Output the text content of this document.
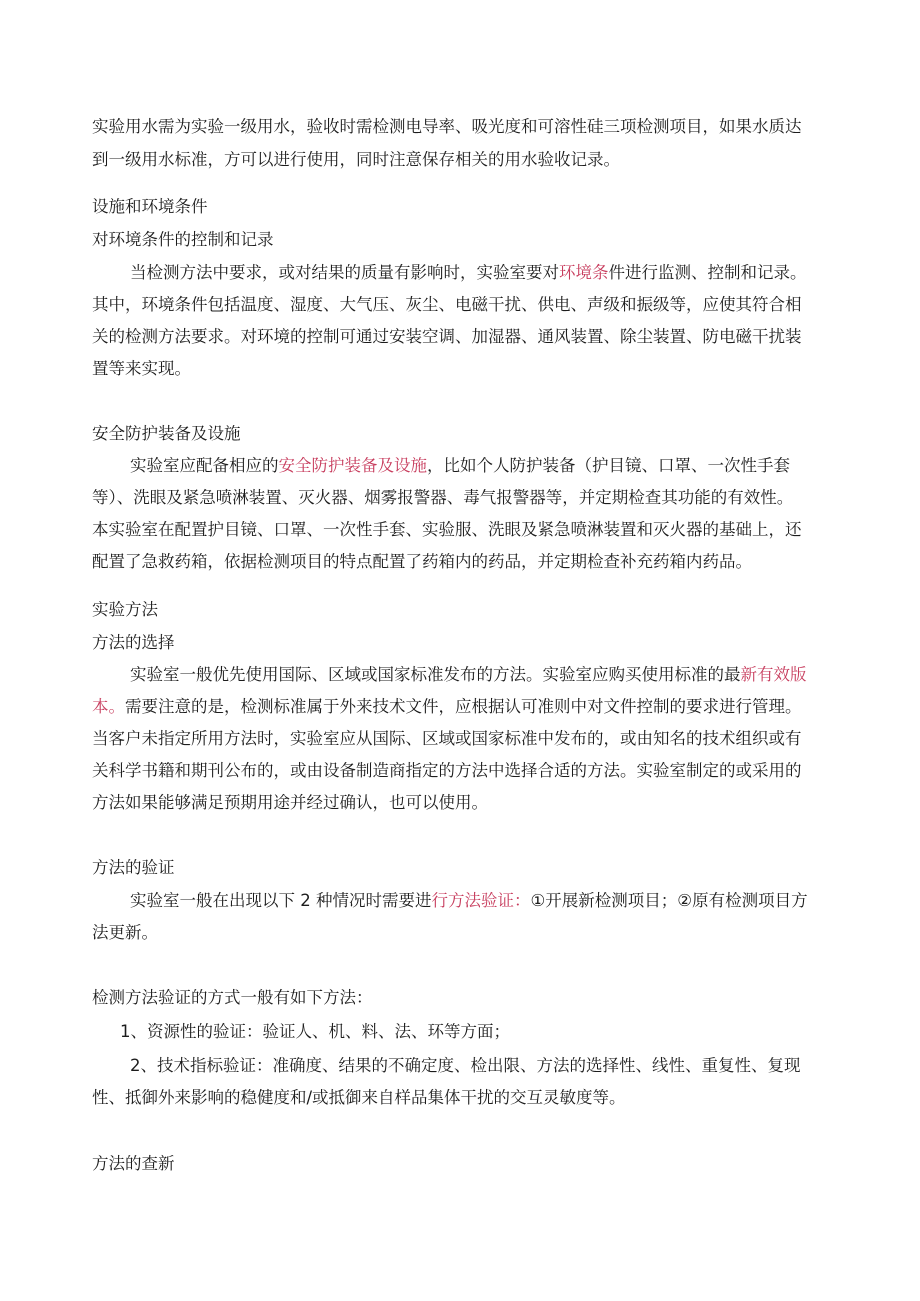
实验用水需为实验一级用水，验收时需检测电导率、吸光度和可溶性硅三项检测项目，如果水质达
到一级用水标准，方可以进行使用，同时注意保存相关的用水验收记录。
设施和环境条件
对环境条件的控制和记录
当检测方法中要求，或对结果的质量有影响时，实验室要对环境条件进行监测、控制和记录。
其中，环境条件包括温度、湿度、大气压、灰尘、电磁干扰、供电、声级和振级等，应使其符合相
关的检测方法要求。对环境的控制可通过安装空调、加湿器、通风装置、除尘装置、防电磁干扰装
置等来实现。
安全防护装备及设施
实验室应配备相应的安全防护装备及设施，比如个人防护装备（护目镜、口罩、一次性手套
等）、洗眼及紧急喷淋装置、灭火器、烟雾报警器、毒气报警器等，并定期检查其功能的有效性。
本实验室在配置护目镜、口罩、一次性手套、实验服、洗眼及紧急喷淋装置和灭火器的基础上，还
配置了急救药箱，依据检测项目的特点配置了药箱内的药品，并定期检查补充药箱内药品。
实验方法
方法的选择
实验室一般优先使用国际、区域或国家标准发布的方法。实验室应购买使用标准的最新有效版
本。需要注意的是，检测标准属于外来技术文件，应根据认可准则中对文件控制的要求进行管理。
当客户未指定所用方法时，实验室应从国际、区域或国家标准中发布的，或由知名的技术组织或有
关科学书籍和期刊公布的，或由设备制造商指定的方法中选择合适的方法。实验室制定的或采用的
方法如果能够满足预期用途并经过确认，也可以使用。
方法的验证
实验室一般在出现以下 2 种情况时需要进行方法验证：①开展新检测项目；②原有检测项目方
法更新。
检测方法验证的方式一般有如下方法：
1、资源性的验证：验证人、机、料、法、环等方面；
2、技术指标验证：准确度、结果的不确定度、检出限、方法的选择性、线性、重复性、复现
性、抵御外来影响的稳健度和/或抵御来自样品集体干扰的交互灵敏度等。
方法的查新
